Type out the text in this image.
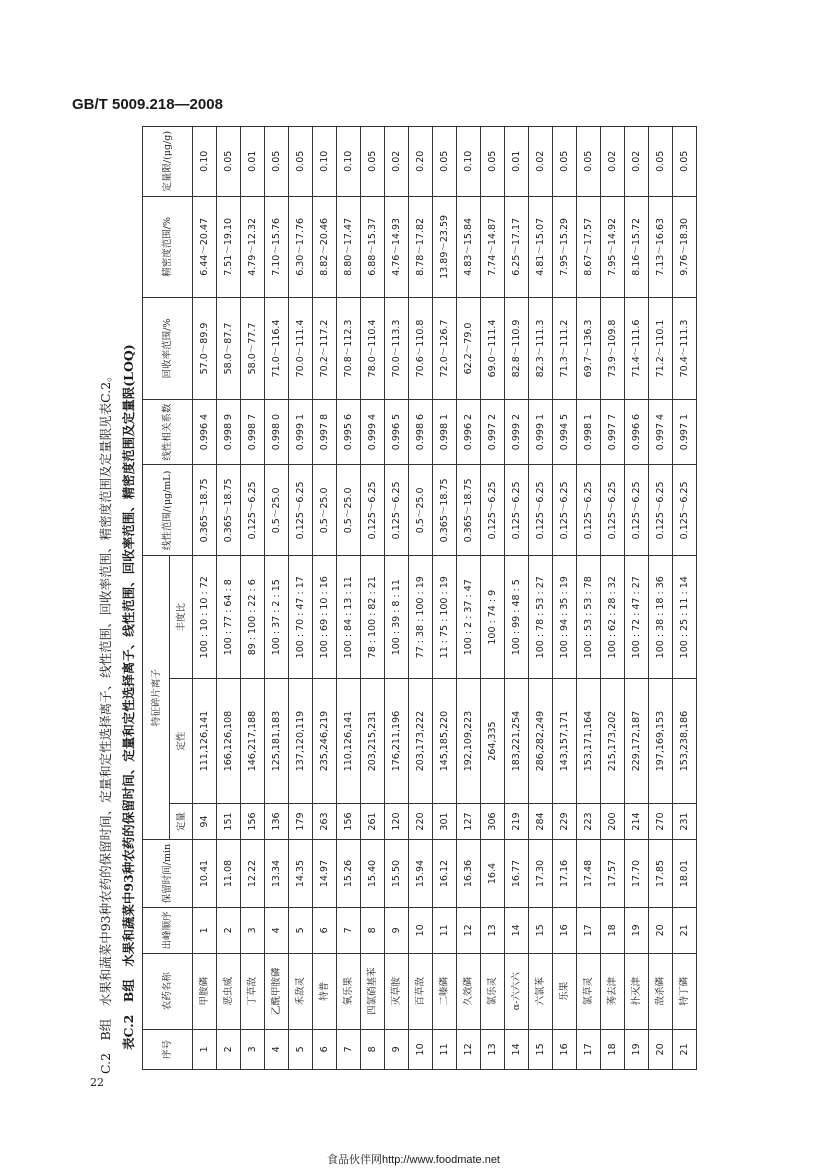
GB/T 5009.218—2008
C.2　B组　水果和蔬菜中93种农药的保留时间、定量和定性选择离子、线性范围、回收率范围、精密度范围及定量限见表C.2。 表C.2　B组　水果和蔬菜中93种农药的保留时间、定量和定性选择离子、线性范围、回收率范围、精密度范围及定量限(LOQ)	序号	农药名称	出峰顺序	保留时间/min	特征碎片离子			线性范围/(μg/mL)	线性相关系数	回收率范围/%	精密度范围/%	定量限/(μg/g)
				定量	定性	丰度比					
1	甲胺磷	1	10.41	94	111,126,141	100 : 10 : 10 : 72	0.365～18.75	0.996 4	57.0～89.9	6.44～20.47	0.10
2	恶虫威	2	11.08	151	166,126,108	100 : 77 : 64 : 8	0.365～18.75	0.998 9	58.0～87.7	7.51～19.10	0.05
3	丁草敌	3	12.22	156	146,217,188	89 : 100 : 22 : 6	0.125～6.25	0.998 7	58.0～77.7	4.79～12.32	0.01
4	乙酰甲胺磷	4	13.34	136	125,181,183	100 : 37 : 2 : 15	0.5～25.0	0.998 0	71.0～116.4	7.10～15.76	0.05
5	禾敌灵	5	14.35	179	137,120,119	100 : 70 : 47 : 17	0.125～6.25	0.999 1	70.0～111.4	6.30～17.76	0.05
6	特普	6	14.97	263	235,246,219	100 : 69 : 10 : 16	0.5～25.0	0.997 8	70.2～117.2	8.82～20.46	0.10
7	氧乐果	7	15.26	156	110,126,141	100 : 84 : 13 : 11	0.5～25.0	0.995 6	70.8～112.3	8.80～17.47	0.10
8	四氯硝基苯	8	15.40	261	203,215,231	78 : 100 : 82 : 21	0.125～6.25	0.999 4	78.0～110.4	6.88～15.37	0.05
9	灭草胺	9	15.50	120	176,211,196	100 : 39 : 8 : 11	0.125～6.25	0.996 5	70.0～113.3	4.76～14.93	0.02
10	百草敌	10	15.94	220	203,173,222	77 : 38 : 100 : 19	0.5～25.0	0.998 6	70.6～110.8	8.78～17.82	0.20
11	二嗪磷	11	16.12	301	145,185,220	11 : 75 : 100 : 19	0.365～18.75	0.998 1	72.0～126.7	13.89～23.59	0.05
12	久效磷	12	16.36	127	192,109,223	100 : 2 : 37 : 47	0.365～18.75	0.996 2	62.2～79.0	4.83～15.84	0.10
13	氯乐灵	13	16.4	306	264,335	100 : 74 : 9	0.125～6.25	0.997 2	69.0～111.4	7.74～14.87	0.05
14	α-六六六	14	16.77	219	183,221,254	100 : 99 : 48 : 5	0.125～6.25	0.999 2	82.8～110.9	6.25～17.17	0.01
15	六氯苯	15	17.30	284	286,282,249	100 : 78 : 53 : 27	0.125～6.25	0.999 1	82.3～111.3	4.81～15.07	0.02
16	乐果	16	17.16	229	143,157,171	100 : 94 : 35 : 19	0.125～6.25	0.994 5	71.3～111.2	7.95～15.29	0.05
17	氯草灵	17	17.48	223	153,171,164	100 : 53 : 53 : 78	0.125～6.25	0.998 1	69.7～136.3	8.67～17.57	0.05
18	莠去津	18	17.57	200	215,173,202	100 : 62 : 28 : 32	0.125～6.25	0.997 7	73.9～109.8	7.95～14.92	0.02
19	扑灭津	19	17.70	214	229,172,187	100 : 72 : 47 : 27	0.125～6.25	0.996 6	71.4～111.6	8.16～15.72	0.02
20	敌杀磷	20	17.85	270	197,169,153	100 : 38 : 18 : 36	0.125～6.25	0.997 4	71.2～110.1	7.13～16.63	0.05
21	特丁磷	21	18.01	231	153,238,186	100 : 25 : 11 : 14	0.125～6.25	0.997 1	70.4～111.3	9.76～18.30	0.05
22
食品伙伴网http://www.foodmate.net
